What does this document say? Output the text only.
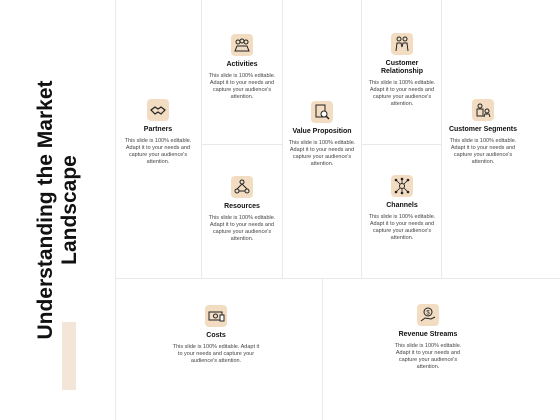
Understanding the Market Landscape
Partners
This slide is 100% editable. Adapt it to your needs and capture your audience's attention.
Activities
This slide is 100% editable. Adapt it to your needs and capture your audience's attention.
Resources
This slide is 100% editable. Adapt it to your needs and capture your audience's attention.
Value Proposition
This slide is 100% editable. Adapt it to your needs and capture your audience's attention.
Customer Relationship
This slide is 100% editable. Adapt it to your needs and capture your audience's attention.
Channels
This slide is 100% editable. Adapt it to your needs and capture your audience's attention.
Customer Segments
This slide is 100% editable. Adapt it to your needs and capture your audience's attention.
Costs
This slide is 100% editable. Adapt it to your needs and capture your audience's attention.
$
Revenue Streams
This slide is 100% editable. Adapt it to your needs and capture your audience's attention.
